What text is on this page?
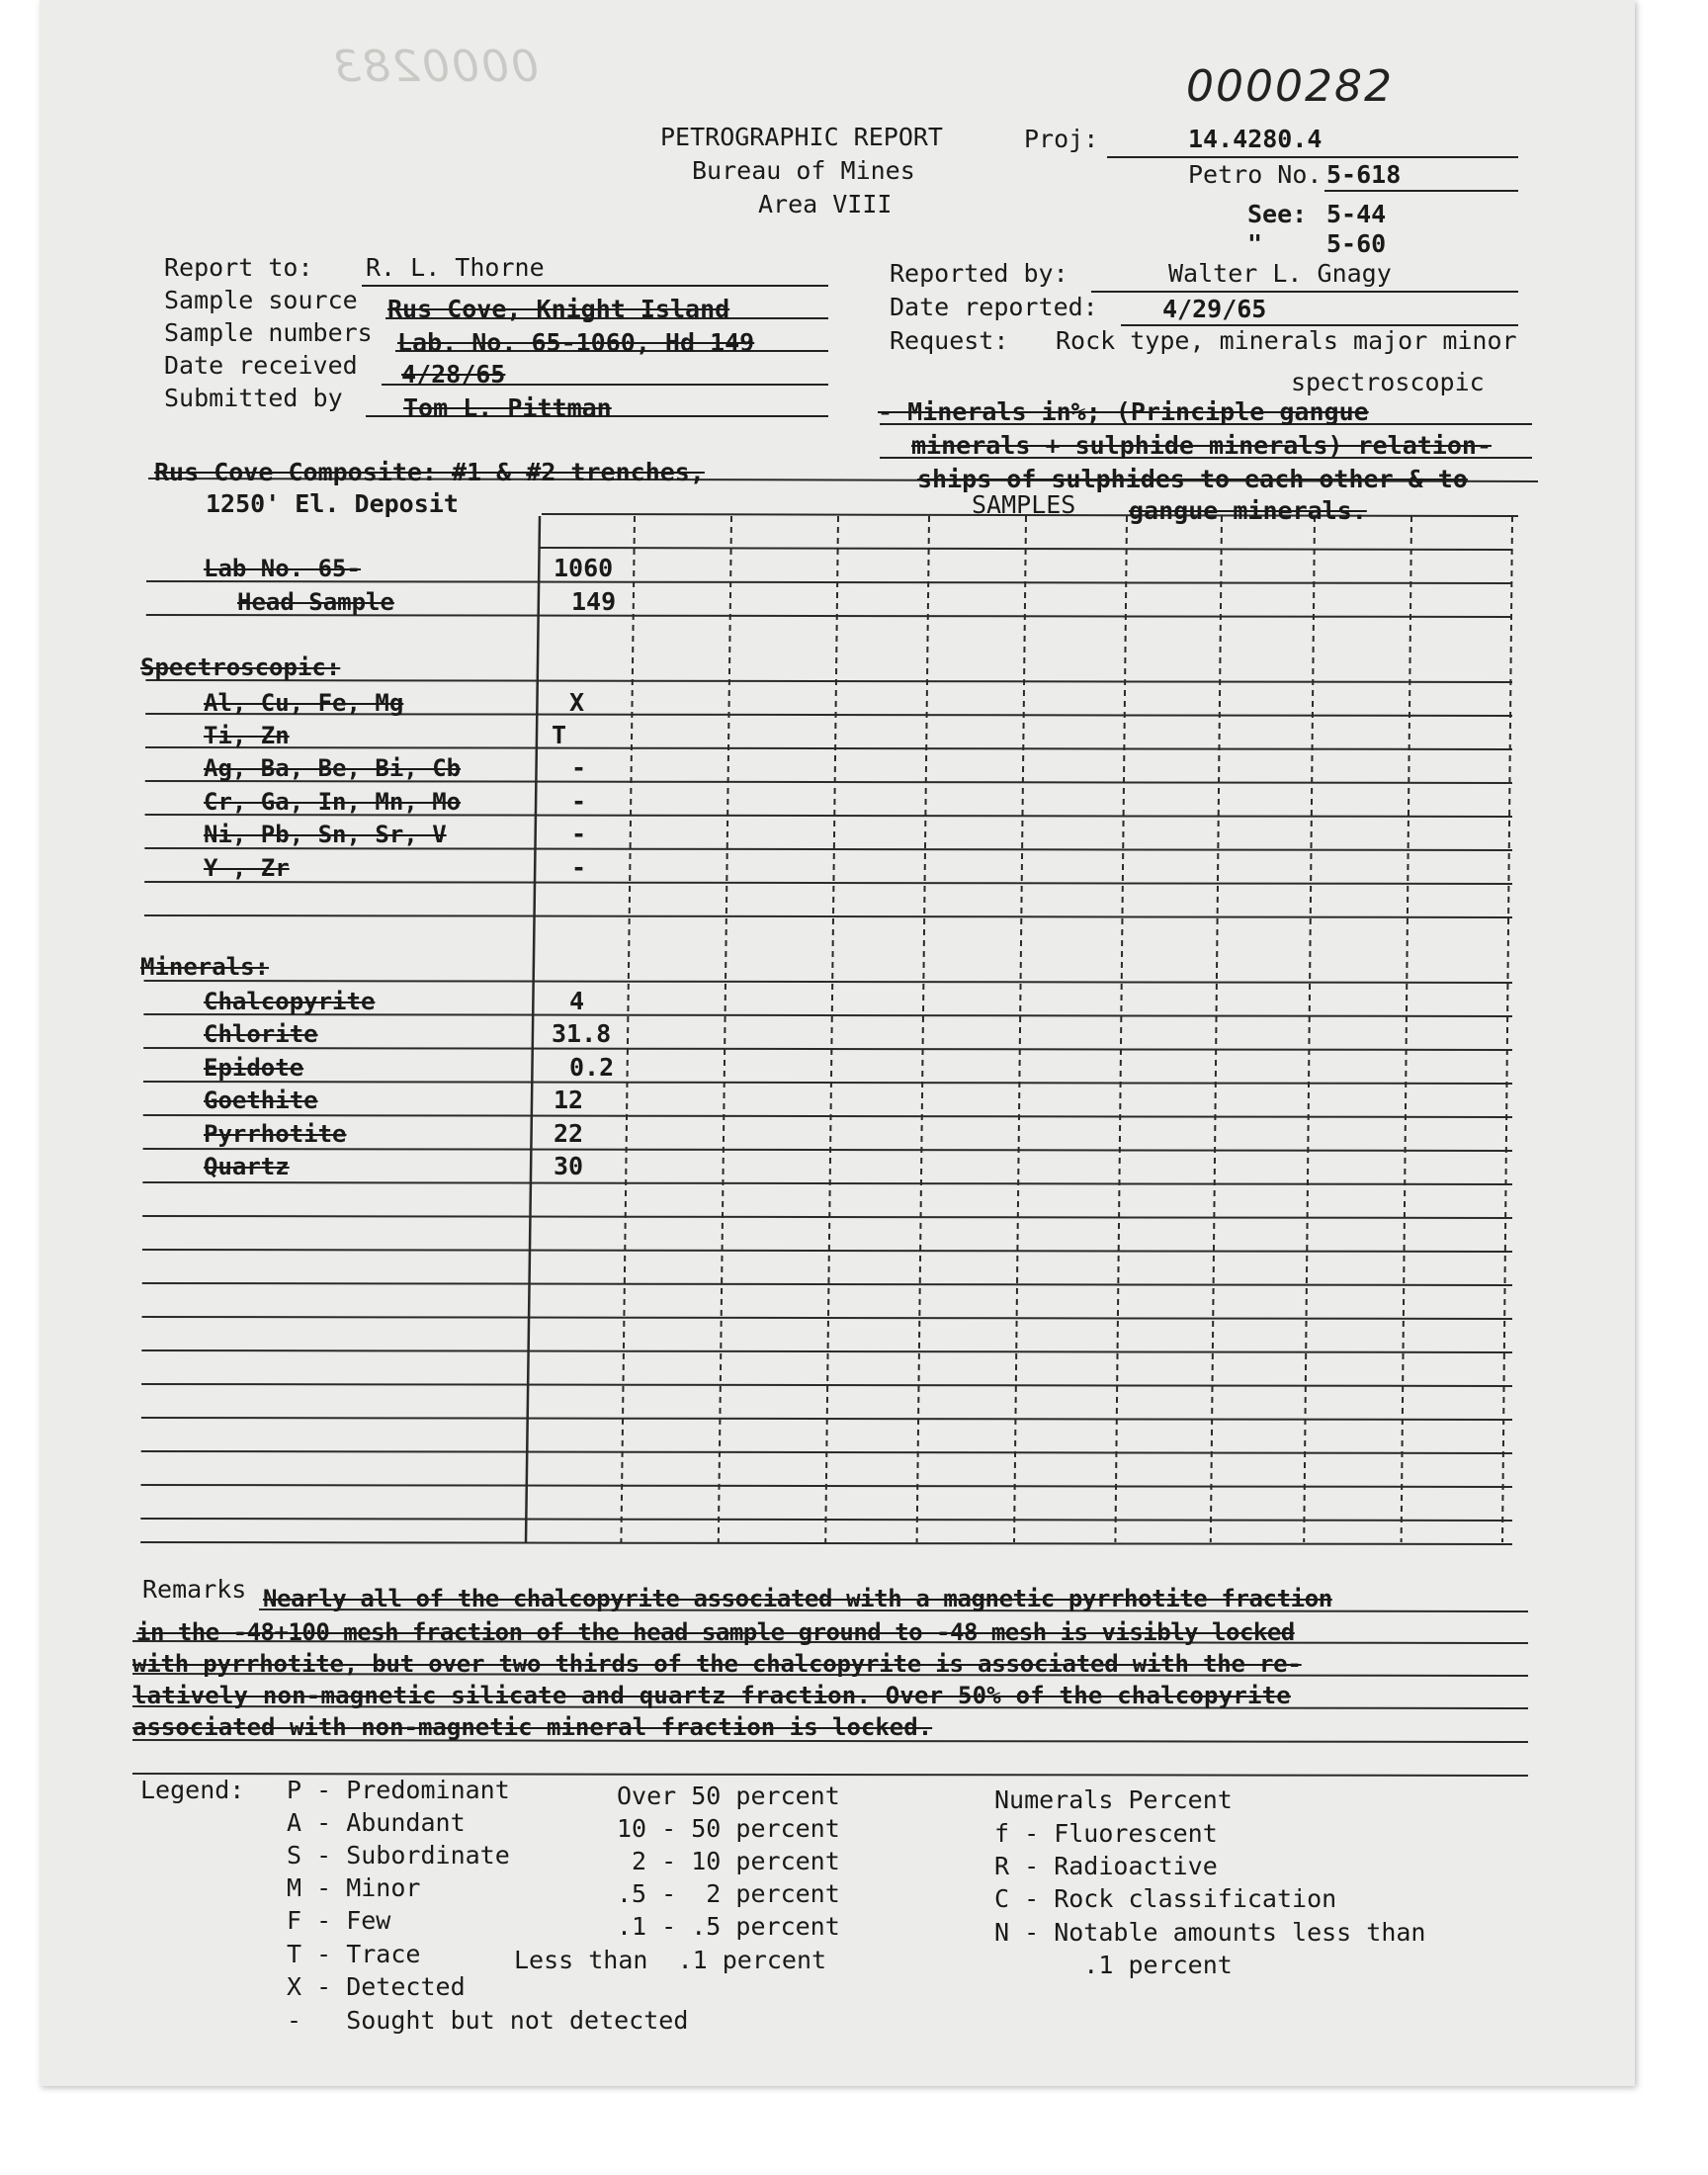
0000282
0000283
PETROGRAPHIC REPORT
Bureau of Mines
Area VIII
Proj:	14.4280.4
Petro No. 5-618
See: 5-44
"	5-60
Report to: R. L. Thorne
Sample source Rus Cove, Knight Island
Sample numbers Lab. No. 65-1060, Hd 149
Date received 4/28/65
Submitted by Tom L. Pittman
Reported by:	Walter L. Gnagy
Date reported:	4/29/65
Request: Rock type, minerals major minor
spectroscopic
- Minerals in%; (Principle gangue
minerals + sulphide minerals) relation-
ships of sulphides to each other & to
gangue minerals.
SAMPLES
Rus Cove Composite: #1 & #2 trenches,
1250' El. Deposit
Lab No. 65-	1060
Head Sample	149
Spectroscopic:
Al, Cu, Fe, Mg	X
Ti, Zn	T
Ag, Ba, Be, Bi, Cb	-
Cr, Ga, In, Mn, Mo	-
Ni, Pb, Sn, Sr, V	-
Y , Zr	-
Minerals:
Chalcopyrite	4
Chlorite	31.8
Epidote	0.2
Goethite	12
Pyrrhotite	22
Quartz	30
Remarks Nearly all of the chalcopyrite associated with a magnetic pyrrhotite fraction
in the -48+100 mesh fraction of the head sample ground to -48 mesh is visibly locked
with pyrrhotite, but over two thirds of the chalcopyrite is associated with the re-
latively non-magnetic silicate and quartz fraction. Over 50% of the chalcopyrite
associated with non-magnetic mineral fraction is locked.
Legend: P - Predominant	Over 50 percent
A - Abundant	10 - 50 percent
S - Subordinate	2 - 10 percent
M - Minor	.5 -  2 percent
F - Few	.1 - .5 percent
T - Trace	Less than  .1 percent
X - Detected
-   Sought but not detected
Numerals Percent
f - Fluorescent
R - Radioactive
C - Rock classification
N - Notable amounts less than
.1 percent
